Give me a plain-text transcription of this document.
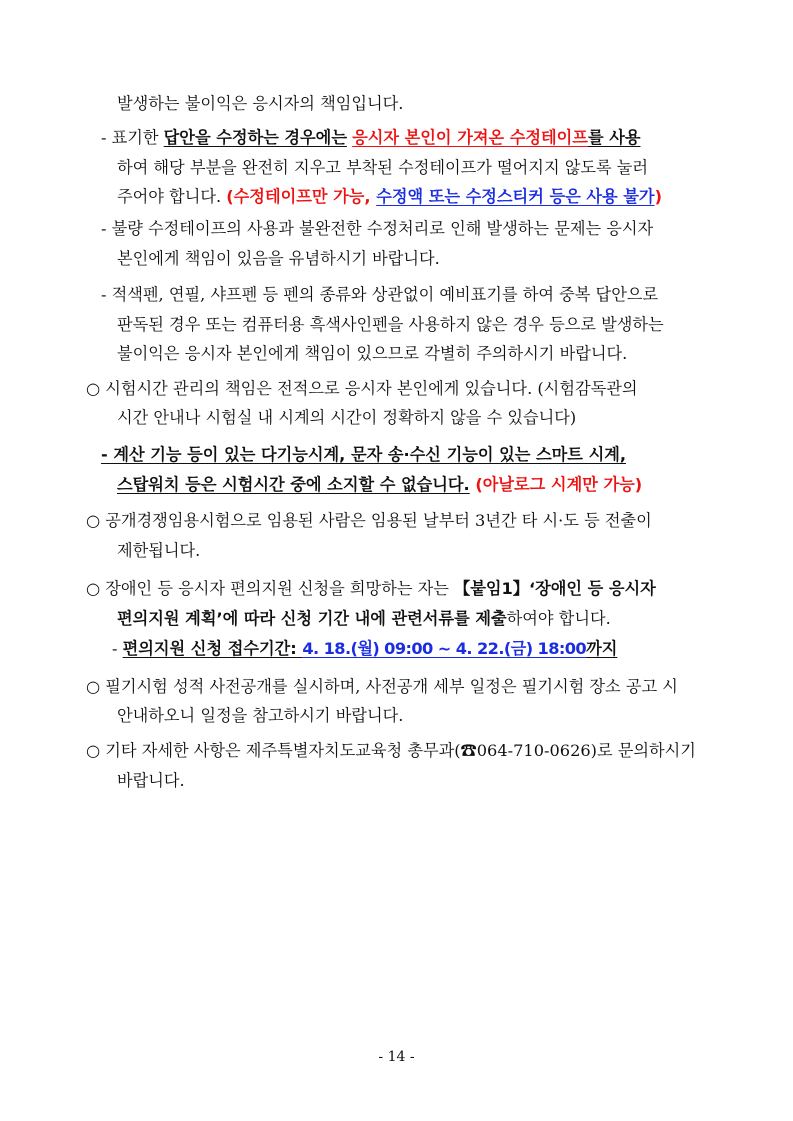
발생하는 불이익은 응시자의 책임입니다.
- 표기한 답안을 수정하는 경우에는 응시자 본인이 가져온 수정테이프를 사용
하여 해당 부분을 완전히 지우고 부착된 수정테이프가 떨어지지 않도록 눌러
주어야 합니다. (수정테이프만 가능, 수정액 또는 수정스티커 등은 사용 불가)
- 불량 수정테이프의 사용과 불완전한 수정처리로 인해 발생하는 문제는 응시자
본인에게 책임이 있음을 유념하시기 바랍니다.
- 적색펜, 연필, 샤프펜 등 펜의 종류와 상관없이 예비표기를 하여 중복 답안으로
판독된 경우 또는 컴퓨터용 흑색사인펜을 사용하지 않은 경우 등으로 발생하는
불이익은 응시자 본인에게 책임이 있으므로 각별히 주의하시기 바랍니다.
○ 시험시간 관리의 책임은 전적으로 응시자 본인에게 있습니다. (시험감독관의
시간 안내나 시험실 내 시계의 시간이 정확하지 않을 수 있습니다)
- 계산 기능 등이 있는 다기능시계, 문자 송·수신 기능이 있는 스마트 시계,
스탑워치 등은 시험시간 중에 소지할 수 없습니다. (아날로그 시계만 가능)
○ 공개경쟁임용시험으로 임용된 사람은 임용된 날부터 3년간 타 시·도 등 전출이
제한됩니다.
○ 장애인 등 응시자 편의지원 신청을 희망하는 자는 【붙임1】‘장애인 등 응시자
편의지원 계획’에 따라 신청 기간 내에 관련서류를 제출하여야 합니다.
- 편의지원 신청 접수기간: 4. 18.(월) 09:00 ~ 4. 22.(금) 18:00까지
○ 필기시험 성적 사전공개를 실시하며, 사전공개 세부 일정은 필기시험 장소 공고 시
안내하오니 일정을 참고하시기 바랍니다.
○ 기타 자세한 사항은 제주특별자치도교육청 총무과(☎064-710-0626)로 문의하시기
바랍니다.
- 14 -
